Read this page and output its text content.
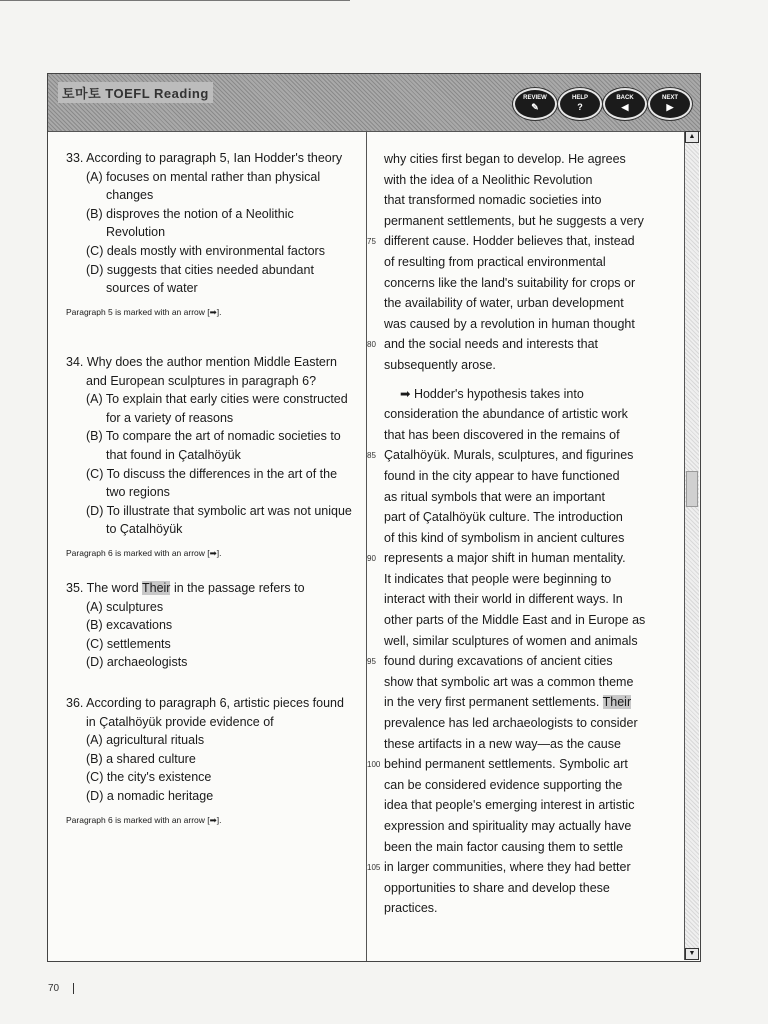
토마토 TOEFL Reading	REVIEW
✎
HELP
?
BACK
◀
NEXT
▶
33. According to paragraph 5, Ian Hodder's theory
(A) focuses on mental rather than physical changes
(B) disproves the notion of a Neolithic Revolution
(C) deals mostly with environmental factors
(D) suggests that cities needed abundant sources of water
Paragraph 5 is marked with an arrow [➡].
34. Why does the author mention Middle Eastern and European sculptures in paragraph 6?
(A) To explain that early cities were constructed for a variety of reasons
(B) To compare the art of nomadic societies to that found in Çatalhöyük
(C) To discuss the differences in the art of the two regions
(D) To illustrate that symbolic art was not unique to Çatalhöyük
Paragraph 6 is marked with an arrow [➡].
35. The word Their in the passage refers to
(A) sculptures
(B) excavations
(C) settlements
(D) archaeologists
36. According to paragraph 6, artistic pieces found in Çatalhöyük provide evidence of
(A) agricultural rituals
(B) a shared culture
(C) the city's existence
(D) a nomadic heritage
Paragraph 6 is marked with an arrow [➡].
why cities first began to develop. He agrees
with the idea of a Neolithic Revolution
that transformed nomadic societies into
permanent settlements, but he suggests a very
75 different cause. Hodder believes that, instead
of resulting from practical environmental
concerns like the land's suitability for crops or
the availability of water, urban development
was caused by a revolution in human thought
80 and the social needs and interests that
subsequently arose.
➡ Hodder's hypothesis takes into
consideration the abundance of artistic work
that has been discovered in the remains of
85 Çatalhöyük. Murals, sculptures, and figurines
found in the city appear to have functioned
as ritual symbols that were an important
part of Çatalhöyük culture. The introduction
of this kind of symbolism in ancient cultures
90 represents a major shift in human mentality.
It indicates that people were beginning to
interact with their world in different ways. In
other parts of the Middle East and in Europe as
well, similar sculptures of women and animals
95 found during excavations of ancient cities
show that symbolic art was a common theme
in the very first permanent settlements. Their
prevalence has led archaeologists to consider
these artifacts in a new way—as the cause
100 behind permanent settlements. Symbolic art
can be considered evidence supporting the
idea that people's emerging interest in artistic
expression and spirituality may actually have
been the main factor causing them to settle
105 in larger communities, where they had better
opportunities to share and develop these
practices.
▲
▼
70
